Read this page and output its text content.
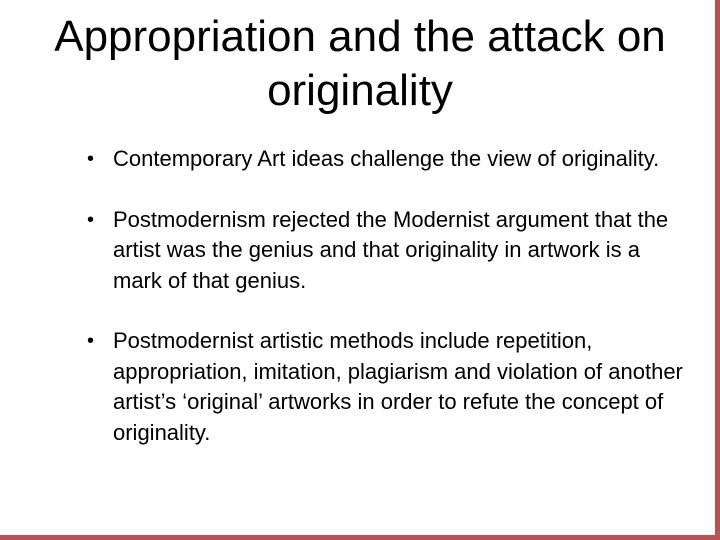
Appropriation and the attack on originality
• Contemporary Art ideas challenge the view of originality.
• Postmodernism rejected the Modernist argument that the artist was the genius and that originality in artwork is a mark of that genius.
• Postmodernist artistic methods include repetition, appropriation, imitation, plagiarism and violation of another artist’s ‘original’ artworks in order to refute the concept of originality.
